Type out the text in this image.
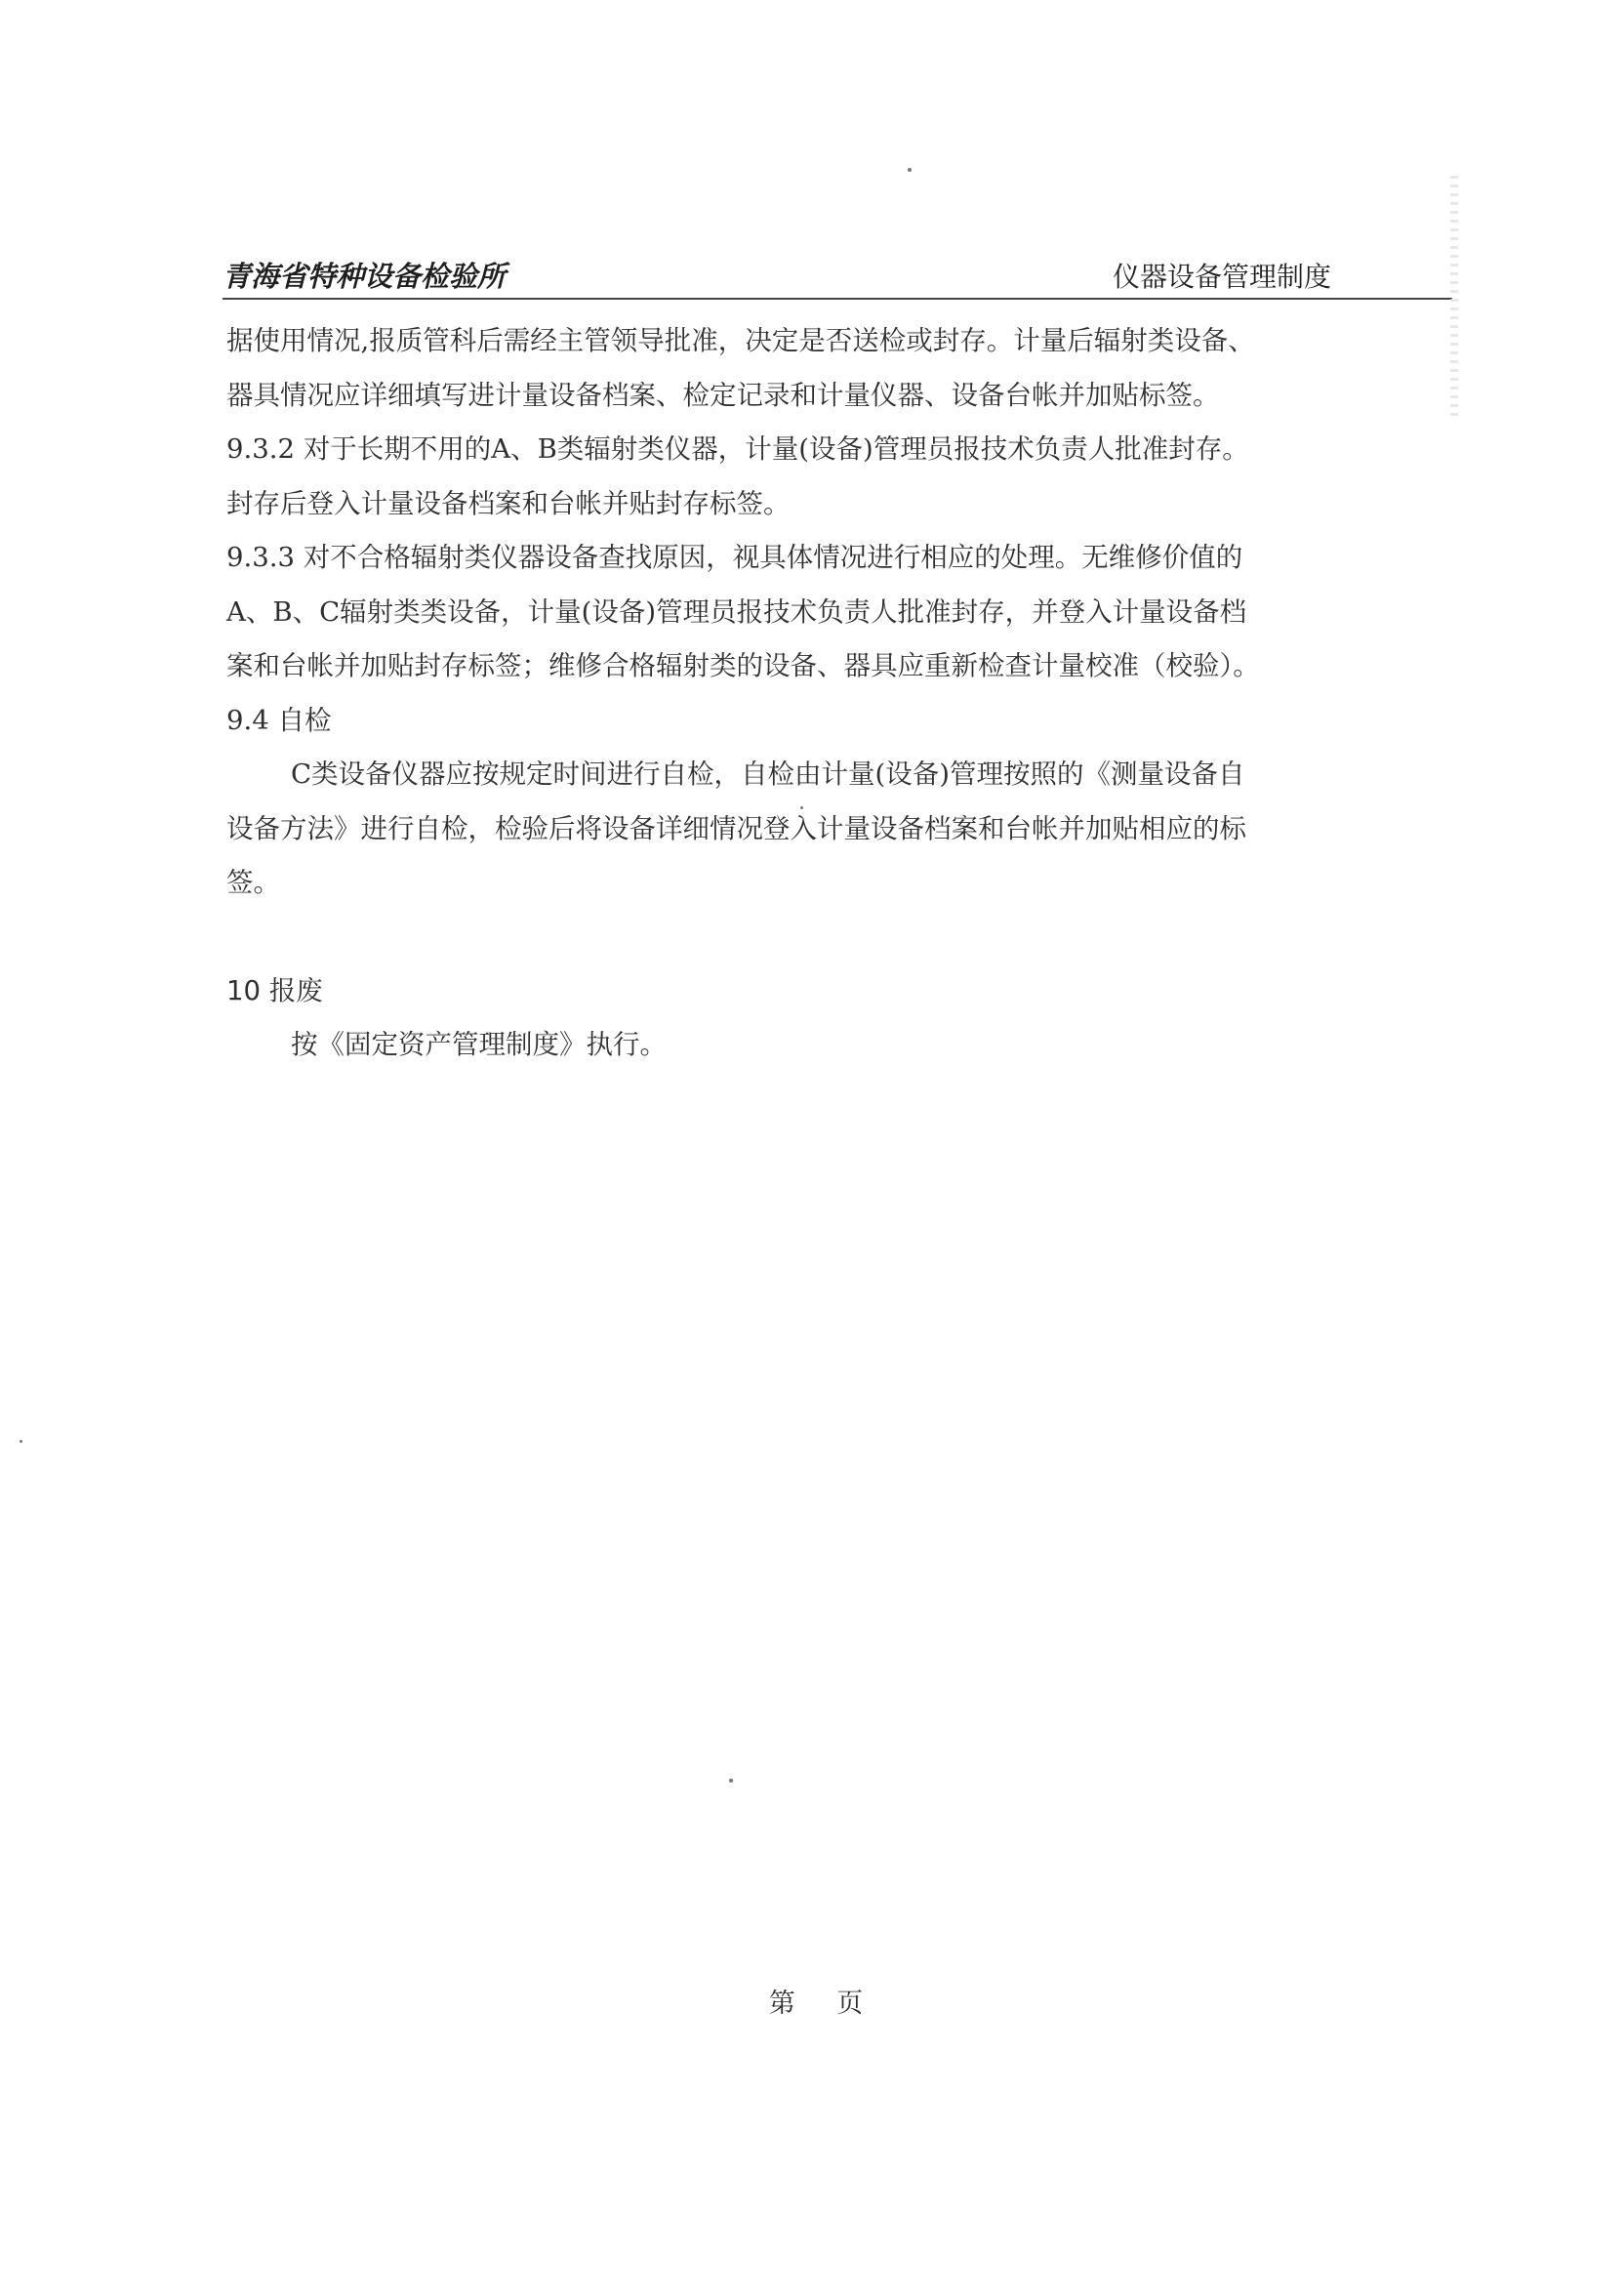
青海省特种设备检验所	仪器设备管理制度

据使用情况,报质管科后需经主管领导批准，决定是否送检或封存。计量后辐射类设备、

器具情况应详细填写进计量设备档案、检定记录和计量仪器、设备台帐并加贴标签。

9.3.2 对于长期不用的A、B类辐射类仪器，计量(设备)管理员报技术负责人批准封存。

封存后登入计量设备档案和台帐并贴封存标签。

9.3.3 对不合格辐射类仪器设备查找原因，视具体情况进行相应的处理。无维修价值的

A、B、C辐射类类设备，计量(设备)管理员报技术负责人批准封存，并登入计量设备档

案和台帐并加贴封存标签；维修合格辐射类的设备、器具应重新检查计量校准（校验）。

9.4 自检

C类设备仪器应按规定时间进行自检，自检由计量(设备)管理按照的《测量设备自

设备方法》进行自检，检验后将设备详细情况登入计量设备档案和台帐并加贴相应的标

签。

10 报废

按《固定资产管理制度》执行。

第 页
